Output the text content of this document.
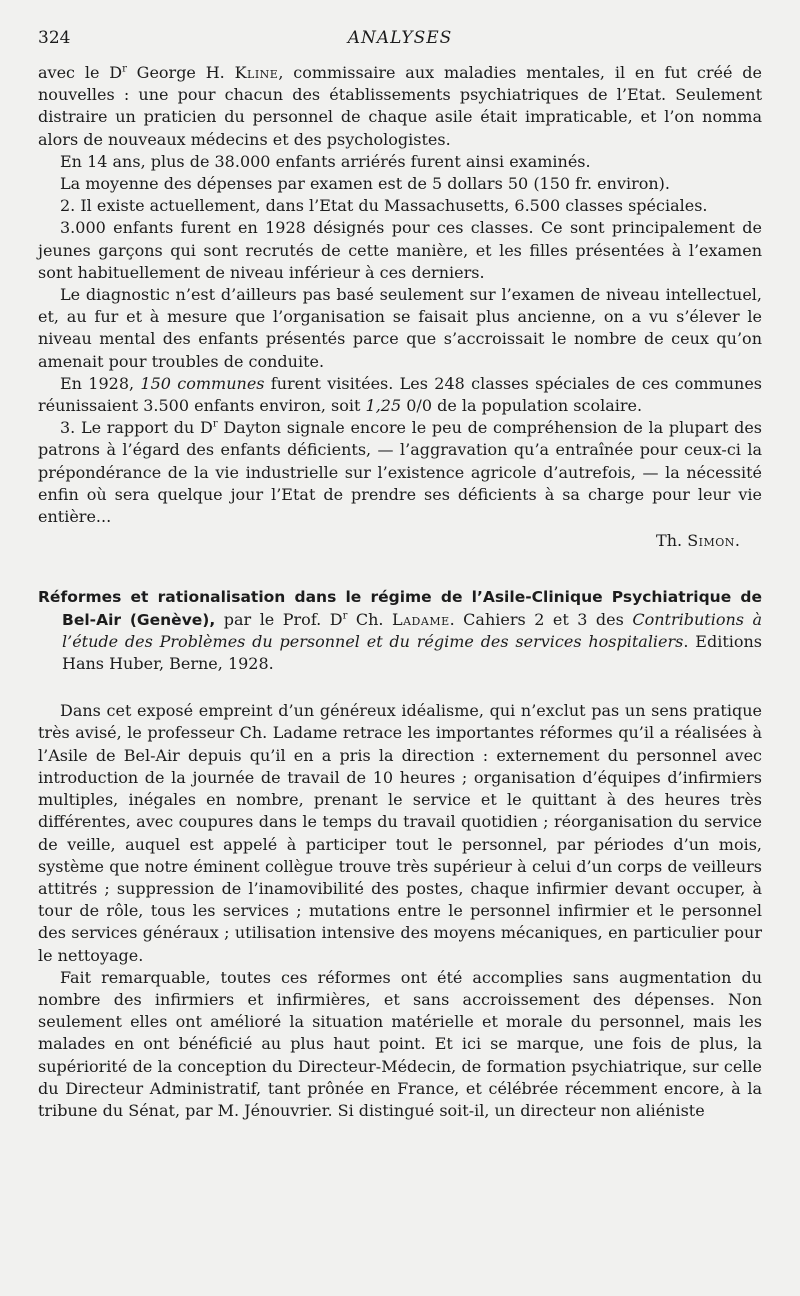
324	ANALYSES

avec le $D^r$ George H. Kline, commissaire aux maladies mentales, il en fut créé de nouvelles : une pour chacun des établissements psychiatriques de l’Etat. Seulement distraire un praticien du personnel de chaque asile était impraticable, et l’on nomma alors de nouveaux médecins et des psychologistes.

En 14 ans, plus de 38.000 enfants arriérés furent ainsi examinés.

La moyenne des dépenses par examen est de 5 dollars 50 (150 fr. environ).

2. Il existe actuellement, dans l’Etat du Massachusetts, 6.500 classes spéciales.

3.000 enfants furent en 1928 désignés pour ces classes. Ce sont principalement de jeunes garçons qui sont recrutés de cette manière, et les filles présentées à l’examen sont habituellement de niveau inférieur à ces derniers.

Le diagnostic n’est d’ailleurs pas basé seulement sur l’examen de niveau intellectuel, et, au fur et à mesure que l’organisation se faisait plus ancienne, on a vu s’élever le niveau mental des enfants présentés parce que s’accroissait le nombre de ceux qu’on amenait pour troubles de conduite.

En 1928, 150 communes furent visitées. Les 248 classes spéciales de ces communes réunissaient 3.500 enfants environ, soit 1,25 0/0 de la population scolaire.

3. Le rapport du $D^r$ Dayton signale encore le peu de compréhension de la plupart des patrons à l’égard des enfants déficients, — l’aggravation qu’a entraînée pour ceux-ci la prépondérance de la vie industrielle sur l’existence agricole d’autrefois, — la nécessité enfin où sera quelque jour l’Etat de prendre ses déficients à sa charge pour leur vie entière...

Th. Simon.
Réformes et rationalisation dans le régime de l’Asile-Clinique Psychiatrique de Bel-Air (Genève), par le Prof. $D^r$ Ch. Ladame. Cahiers 2 et 3 des Contributions à l’étude des Problèmes du personnel et du régime des services hospitaliers. Editions Hans Huber, Berne, 1928.

Dans cet exposé empreint d’un généreux idéalisme, qui n’exclut pas un sens pratique très avisé, le professeur Ch. Ladame retrace les importantes réformes qu’il a réalisées à l’Asile de Bel-Air depuis qu’il en a pris la direction : externement du personnel avec introduction de la journée de travail de 10 heures ; organisation d’équipes d’infirmiers multiples, inégales en nombre, prenant le service et le quittant à des heures très différentes, avec coupures dans le temps du travail quotidien ; réorganisation du service de veille, auquel est appelé à participer tout le personnel, par périodes d’un mois, système que notre éminent collègue trouve très supérieur à celui d’un corps de veilleurs attitrés ; suppression de l’inamovibilité des postes, chaque infirmier devant occuper, à tour de rôle, tous les services ; mutations entre le personnel infirmier et le personnel des services généraux ; utilisation intensive des moyens mécaniques, en particulier pour le nettoyage.

Fait remarquable, toutes ces réformes ont été accomplies sans augmentation du nombre des infirmiers et infirmières, et sans accroissement des dépenses. Non seulement elles ont amélioré la situation matérielle et morale du personnel, mais les malades en ont bénéficié au plus haut point. Et ici se marque, une fois de plus, la supériorité de la conception du Directeur-Médecin, de formation psychiatrique, sur celle du Directeur Administratif, tant prônée en France, et célébrée récemment encore, à la tribune du Sénat, par M. Jénouvrier. Si distingué soit-il, un directeur non aliéniste
